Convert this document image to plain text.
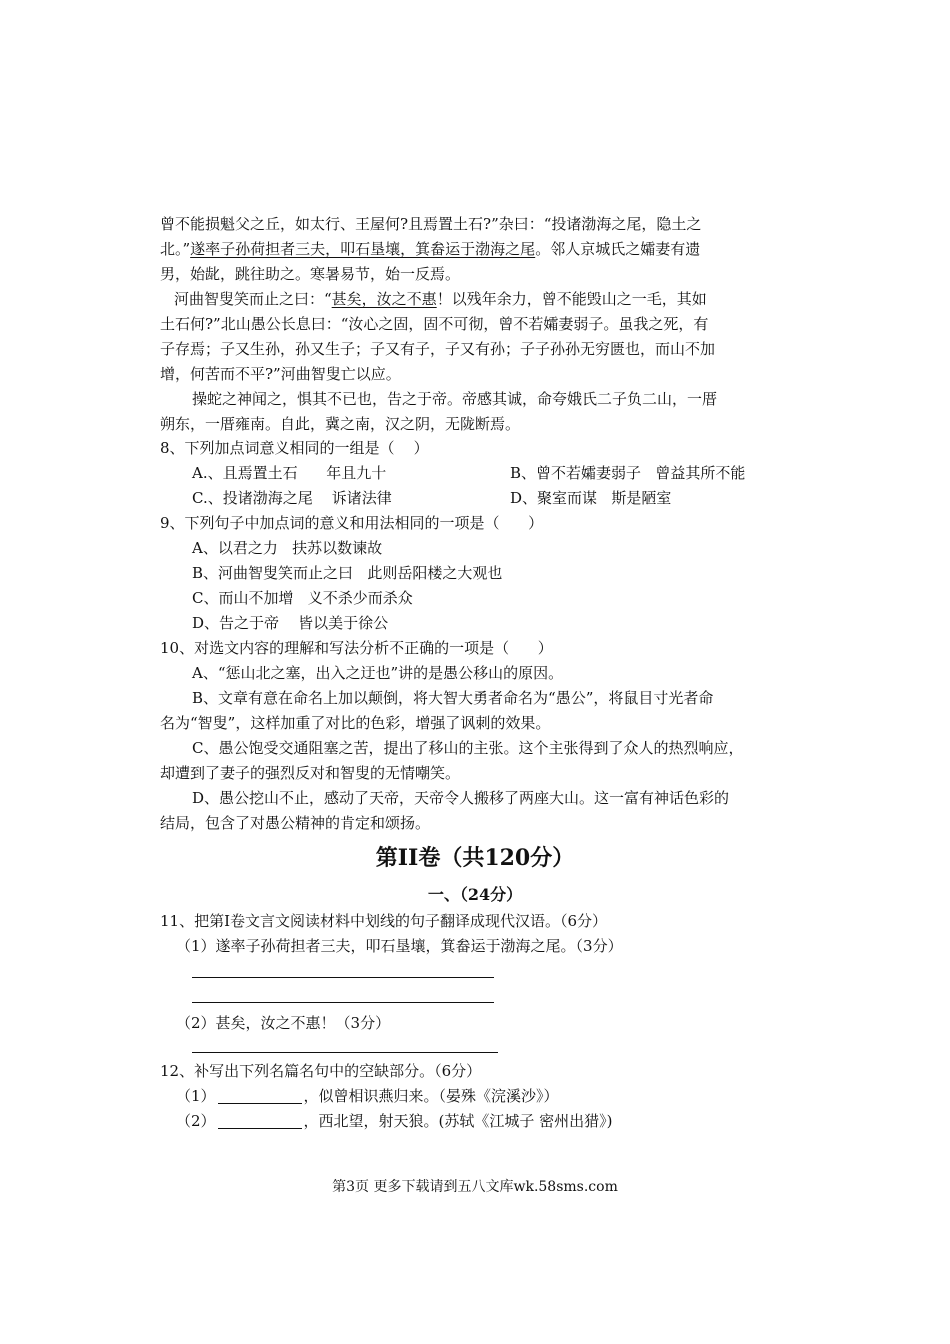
曾不能损魁父之丘，如太行、王屋何?且焉置土石?”杂曰：“投诸渤海之尾，隐土之
北。”遂率子孙荷担者三夫，叩石垦壤，箕畚运于渤海之尾。邻人京城氏之孀妻有遗
男，始龀，跳往助之。寒暑易节，始一反焉。
河曲智叟笑而止之曰：“甚矣，汝之不惠！以残年余力，曾不能毁山之一毛，其如
土石何?”北山愚公长息曰：“汝心之固，固不可彻，曾不若孀妻弱子。虽我之死，有
子存焉；子又生孙，孙又生子；子又有子，子又有孙；子子孙孙无穷匮也，而山不加
增，何苦而不平?”河曲智叟亡以应。
操蛇之神闻之，惧其不已也，告之于帝。帝感其诚，命夸娥氏二子负二山，一厝
朔东，一厝雍南。自此，冀之南，汉之阴，无陇断焉。
8、下列加点词意义相同的一组是（    ）
A.、且焉置土石      年且九十	B、曾不若孀妻弱子   曾益其所不能
C.、投诸渤海之尾    诉诸法律	D、聚室而谋   斯是陋室
9、下列句子中加点词的意义和用法相同的一项是（      ）
A、以君之力   扶苏以数谏故
B、河曲智叟笑而止之曰   此则岳阳楼之大观也
C、而山不加增   义不杀少而杀众
D、告之于帝    皆以美于徐公
10、对选文内容的理解和写法分析不正确的一项是（      ）
A、“惩山北之塞，出入之迂也”讲的是愚公移山的原因。
B、文章有意在命名上加以颠倒，将大智大勇者命名为“愚公”，将鼠目寸光者命
名为“智叟”，这样加重了对比的色彩，增强了讽刺的效果。
C、愚公饱受交通阻塞之苦，提出了移山的主张。这个主张得到了众人的热烈响应，
却遭到了妻子的强烈反对和智叟的无情嘲笑。
D、愚公挖山不止，感动了天帝，天帝令人搬移了两座大山。这一富有神话色彩的
结局，包含了对愚公精神的肯定和颂扬。
第II卷（共120分）
一、（24分）
11、把第I卷文言文阅读材料中划线的句子翻译成现代汉语。（6分）
（1）遂率子孙荷担者三夫，叩石垦壤，箕畚运于渤海之尾。（3分）
（2）甚矣，汝之不惠！（3分）
12、补写出下列名篇名句中的空缺部分。（6分）
（1）	，似曾相识燕归来。（晏殊《浣溪沙》）
（2）	，西北望，射天狼。(苏轼《江城子 密州出猎》)
第3页 更多下载请到五八文库wk.58sms.com
